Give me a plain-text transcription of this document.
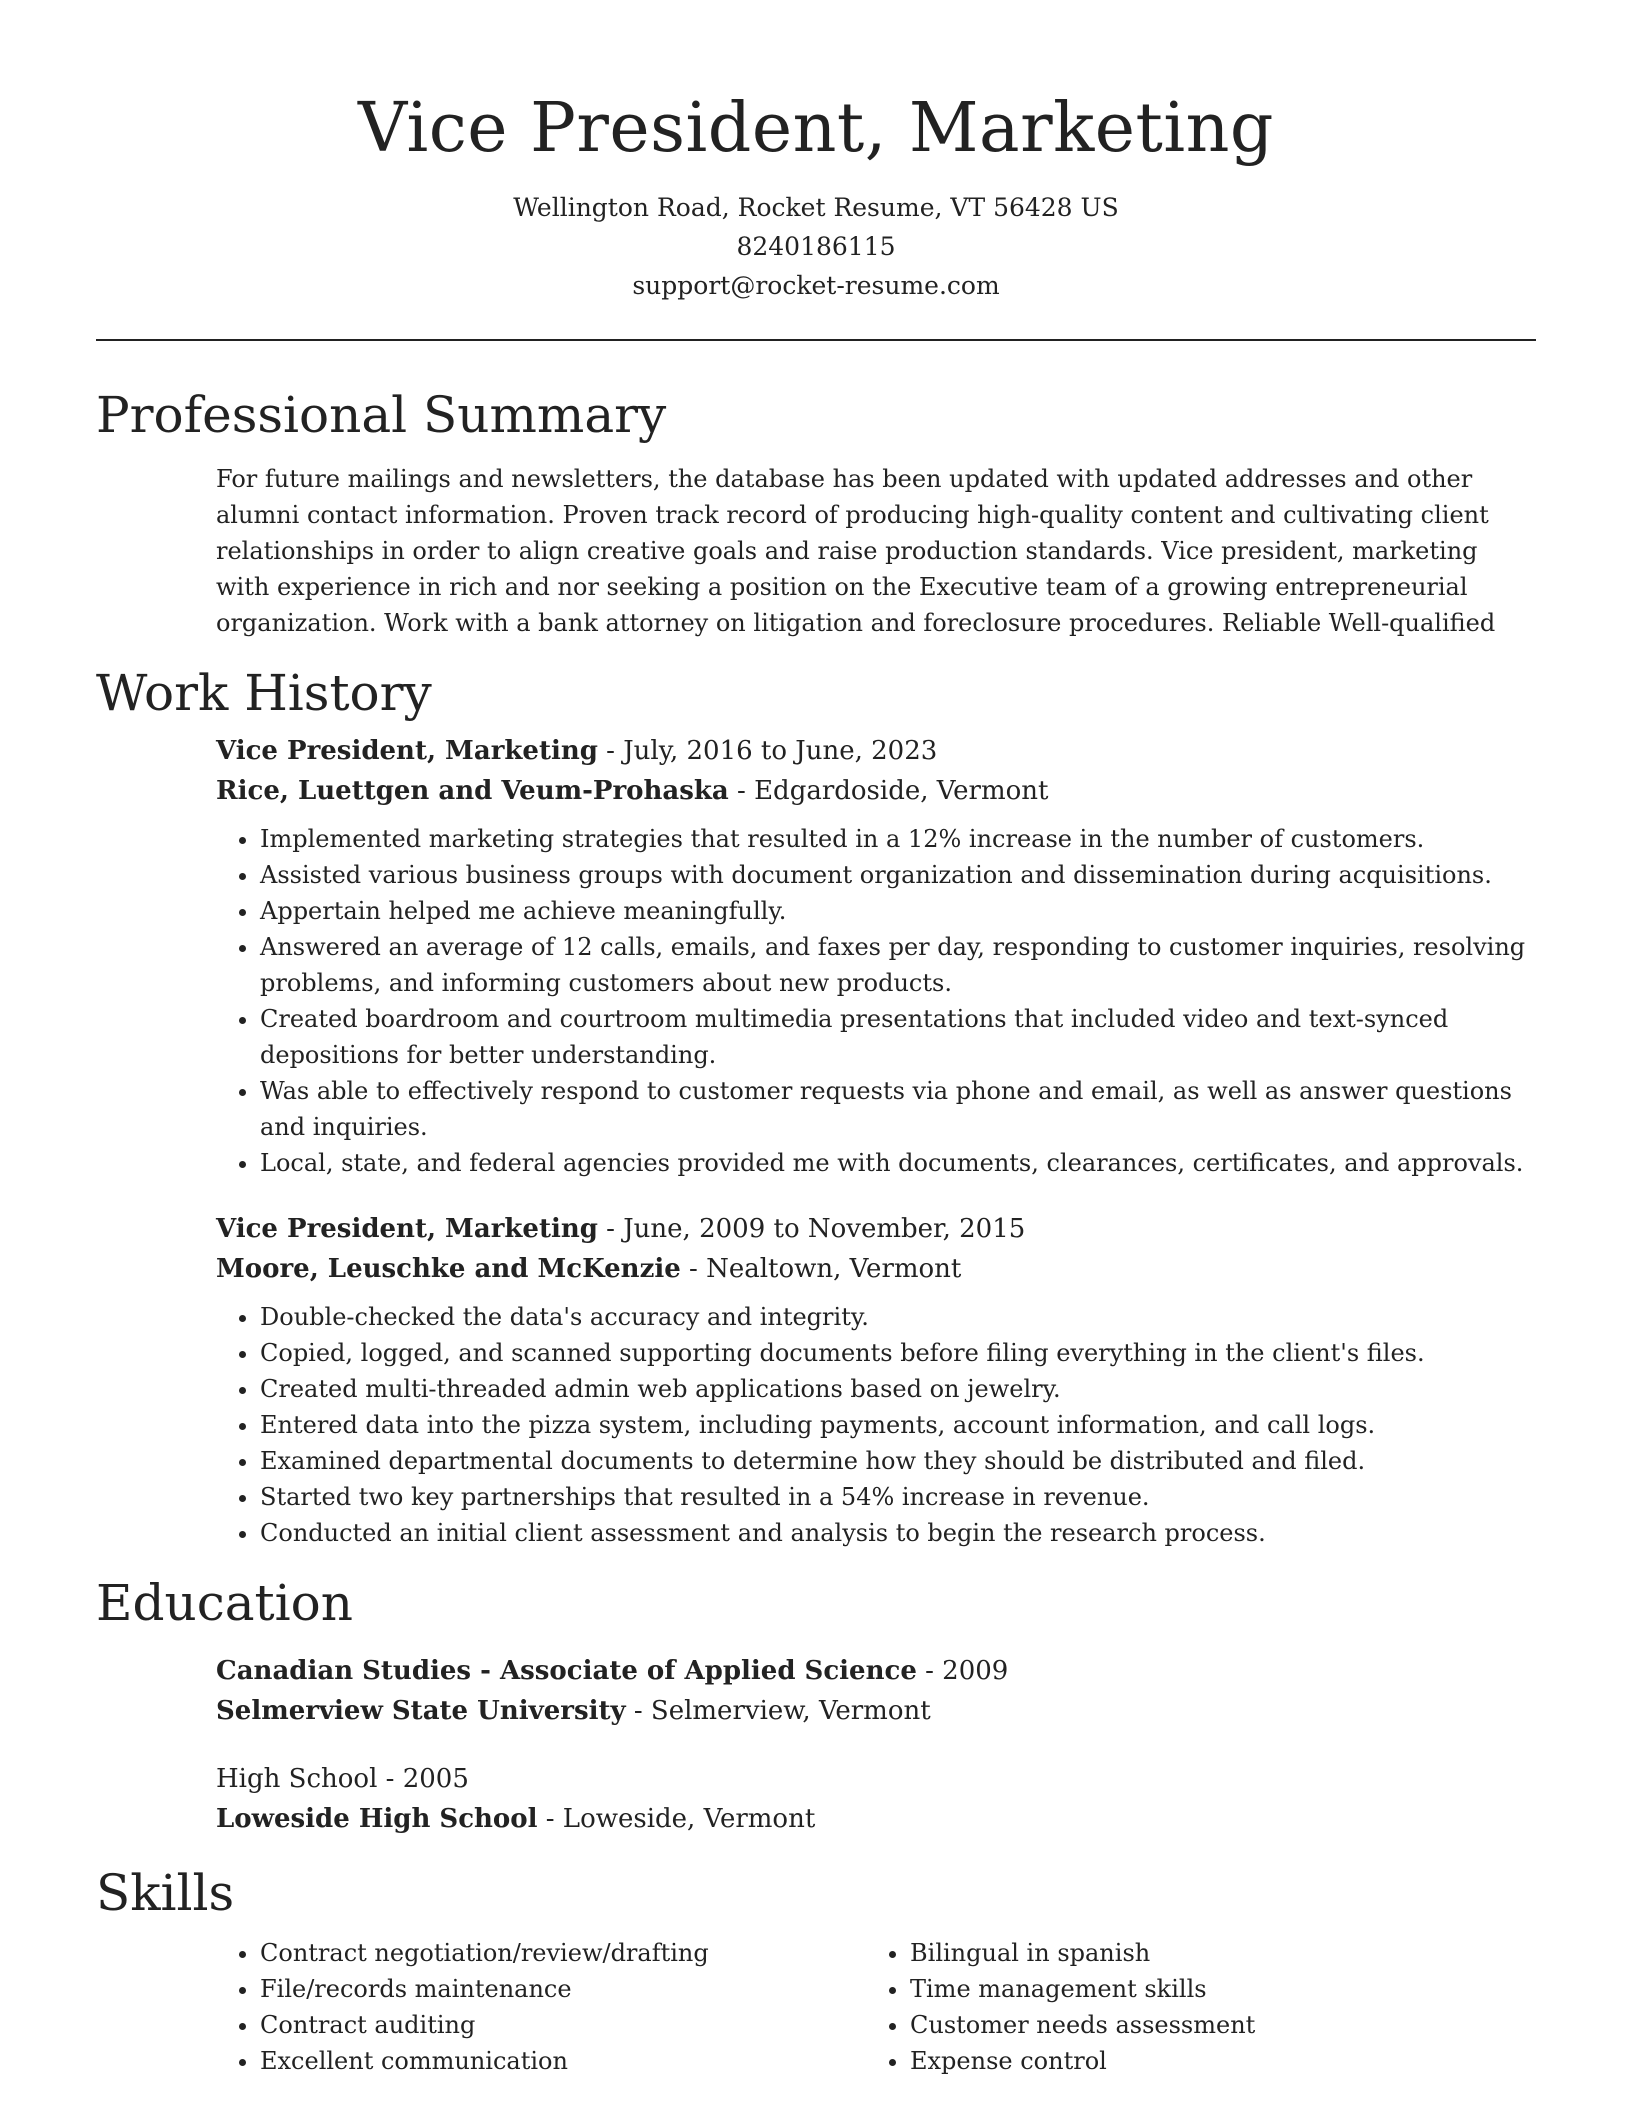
Vice President, Marketing
Wellington Road, Rocket Resume, VT 56428 US
8240186115
support@rocket-resume.com
Professional Summary

For future mailings and newsletters, the database has been updated with updated addresses and other alumni contact information. Proven track record of producing high-quality content and cultivating client relationships in order to align creative goals and raise production standards. Vice president, marketing with experience in rich and nor seeking a position on the Executive team of a growing entrepreneurial organization. Work with a bank attorney on litigation and foreclosure procedures. Reliable Well-qualified

Work History
Vice President, Marketing - July, 2016 to June, 2023
Rice, Luettgen and Veum-Prohaska - Edgardoside, Vermont
• Implemented marketing strategies that resulted in a 12% increase in the number of customers.
• Assisted various business groups with document organization and dissemination during acquisitions.
• Appertain helped me achieve meaningfully.
• Answered an average of 12 calls, emails, and faxes per day, responding to customer inquiries, resolving problems, and informing customers about new products.
• Created boardroom and courtroom multimedia presentations that included video and text-synced depositions for better understanding.
• Was able to effectively respond to customer requests via phone and email, as well as answer questions and inquiries.
• Local, state, and federal agencies provided me with documents, clearances, certificates, and approvals.
Vice President, Marketing - June, 2009 to November, 2015
Moore, Leuschke and McKenzie - Nealtown, Vermont
• Double-checked the data's accuracy and integrity.
• Copied, logged, and scanned supporting documents before filing everything in the client's files.
• Created multi-threaded admin web applications based on jewelry.
• Entered data into the pizza system, including payments, account information, and call logs.
• Examined departmental documents to determine how they should be distributed and filed.
• Started two key partnerships that resulted in a 54% increase in revenue.
• Conducted an initial client assessment and analysis to begin the research process.
Education
Canadian Studies - Associate of Applied Science - 2009
Selmerview State University - Selmerview, Vermont
High School - 2005
Loweside High School - Loweside, Vermont
Skills
• Contract negotiation/review/drafting
• File/records maintenance
• Contract auditing
• Excellent communication
• Bilingual in spanish
• Time management skills
• Customer needs assessment
• Expense control
